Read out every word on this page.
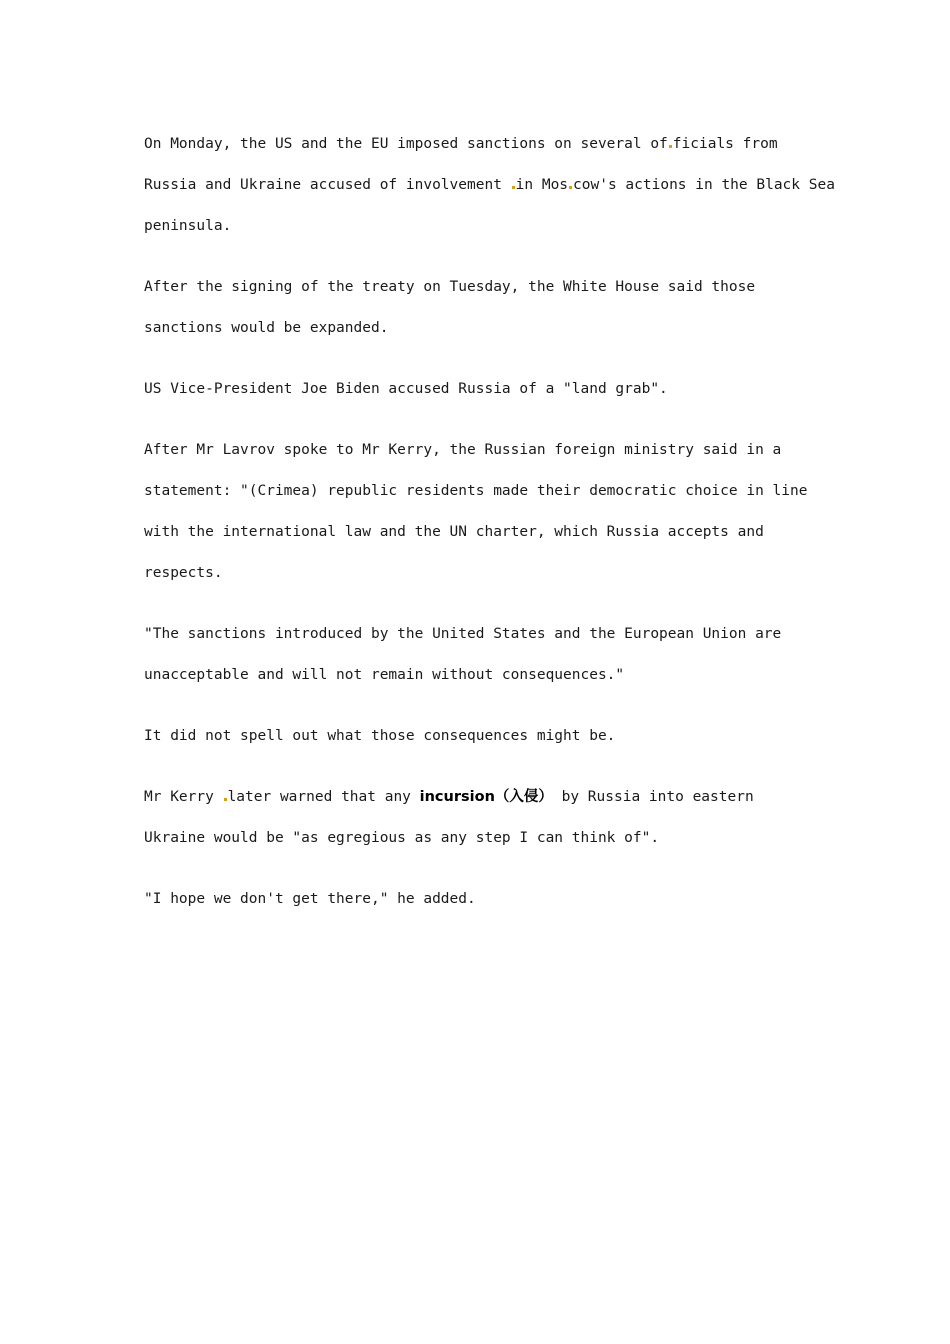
On Monday, the US and the EU imposed sanctions on several of ficials from
Russia and Ukraine accused of involvement in Mos cow's actions in the Black Sea
peninsula.

After the signing of the treaty on Tuesday, the White House said those
sanctions would be expanded.

US Vice-President Joe Biden accused Russia of a "land grab".

After Mr Lavrov spoke to Mr Kerry, the Russian foreign ministry said in a
statement: "(Crimea) republic residents made their democratic choice in line
with the international law and the UN charter, which Russia accepts and
respects.

"The sanctions introduced by the United States and the European Union are
unacceptable and will not remain without consequences."

It did not spell out what those consequences might be.

Mr Kerry later warned that any incursion（入侵） by Russia into eastern
Ukraine would be "as egregious as any step I can think of".

"I hope we don't get there," he added.
